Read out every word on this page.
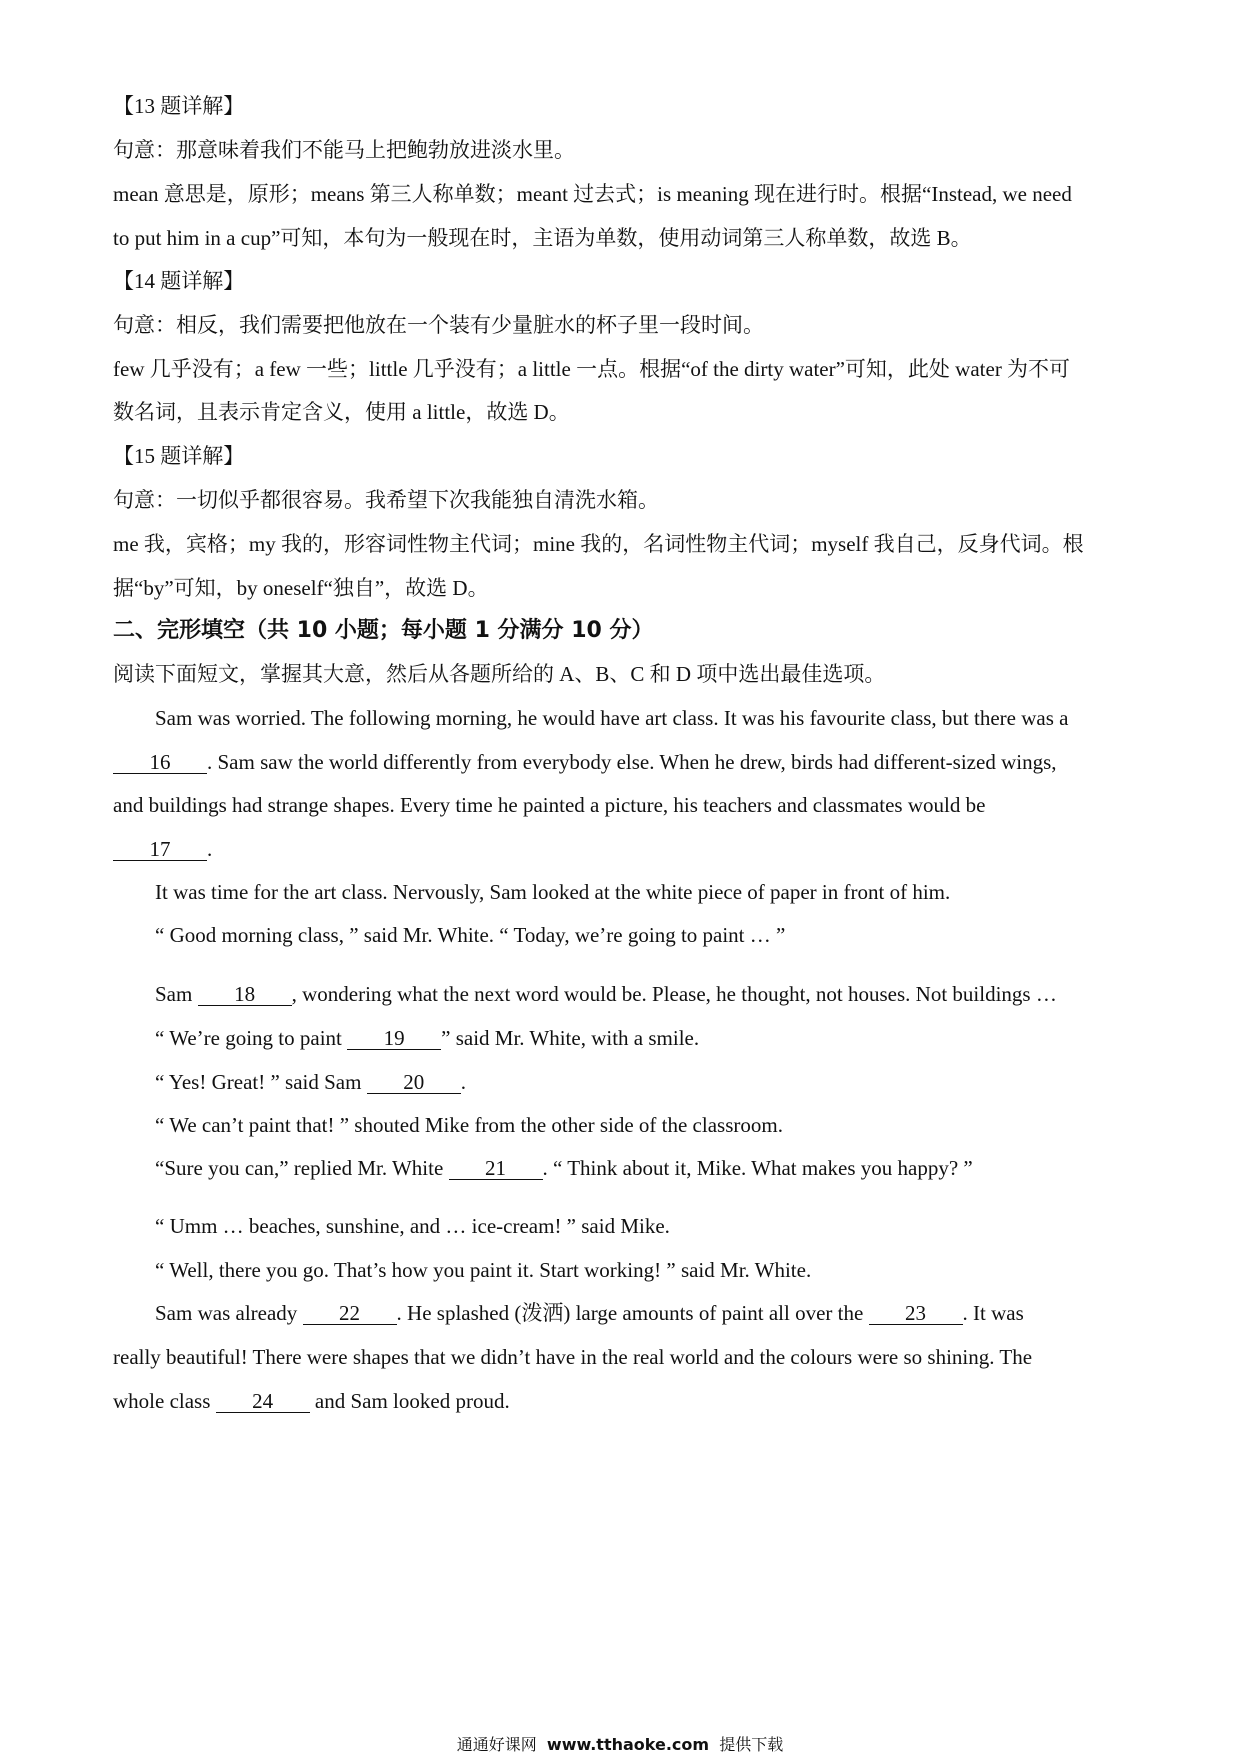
【13 题详解】
句意：那意味着我们不能马上把鲍勃放进淡水里。
mean 意思是，原形；means 第三人称单数；meant 过去式；is meaning 现在进行时。根据“Instead, we need
to put him in a cup”可知，本句为一般现在时，主语为单数，使用动词第三人称单数，故选 B。
【14 题详解】
句意：相反，我们需要把他放在一个装有少量脏水的杯子里一段时间。
few 几乎没有；a few 一些；little 几乎没有；a little 一点。根据“of the dirty water”可知，此处 water 为不可
数名词，且表示肯定含义，使用 a little，故选 D。
【15 题详解】
句意：一切似乎都很容易。我希望下次我能独自清洗水箱。
me 我，宾格；my 我的，形容词性物主代词；mine 我的，名词性物主代词；myself 我自己，反身代词。根
据“by”可知，by oneself“独自”，故选 D。
二、完形填空（共 10 小题；每小题 1 分满分 10 分）
阅读下面短文，掌握其大意，然后从各题所给的 A、B、C 和 D 项中选出最佳选项。
Sam was worried. The following morning, he would have art class. It was his favourite class, but there was a
16 . Sam saw the world differently from everybody else. When he drew, birds had different-sized wings,
and buildings had strange shapes. Every time he painted a picture, his teachers and classmates would be
17 .
It was time for the art class. Nervously, Sam looked at the white piece of paper in front of him.
“ Good morning class, ” said Mr. White. “ Today, we’re going to paint … ”
Sam 18 , wondering what the next word would be. Please, he thought, not houses. Not buildings …
“ We’re going to paint 19 ” said Mr. White, with a smile.
“ Yes! Great! ” said Sam 20 .
“ We can’t paint that! ” shouted Mike from the other side of the classroom.
“Sure you can,” replied Mr. White 21 . “ Think about it, Mike. What makes you happy? ”
“ Umm … beaches, sunshine, and … ice-cream! ” said Mike.
“ Well, there you go. That’s how you paint it. Start working! ” said Mr. White.
Sam was already 22 . He splashed (泼洒) large amounts of paint all over the 23 . It was
really beautiful! There were shapes that we didn’t have in the real world and the colours were so shining. The
whole class 24 and Sam looked proud.
通通好课网 www.tthaoke.com 提供下载
